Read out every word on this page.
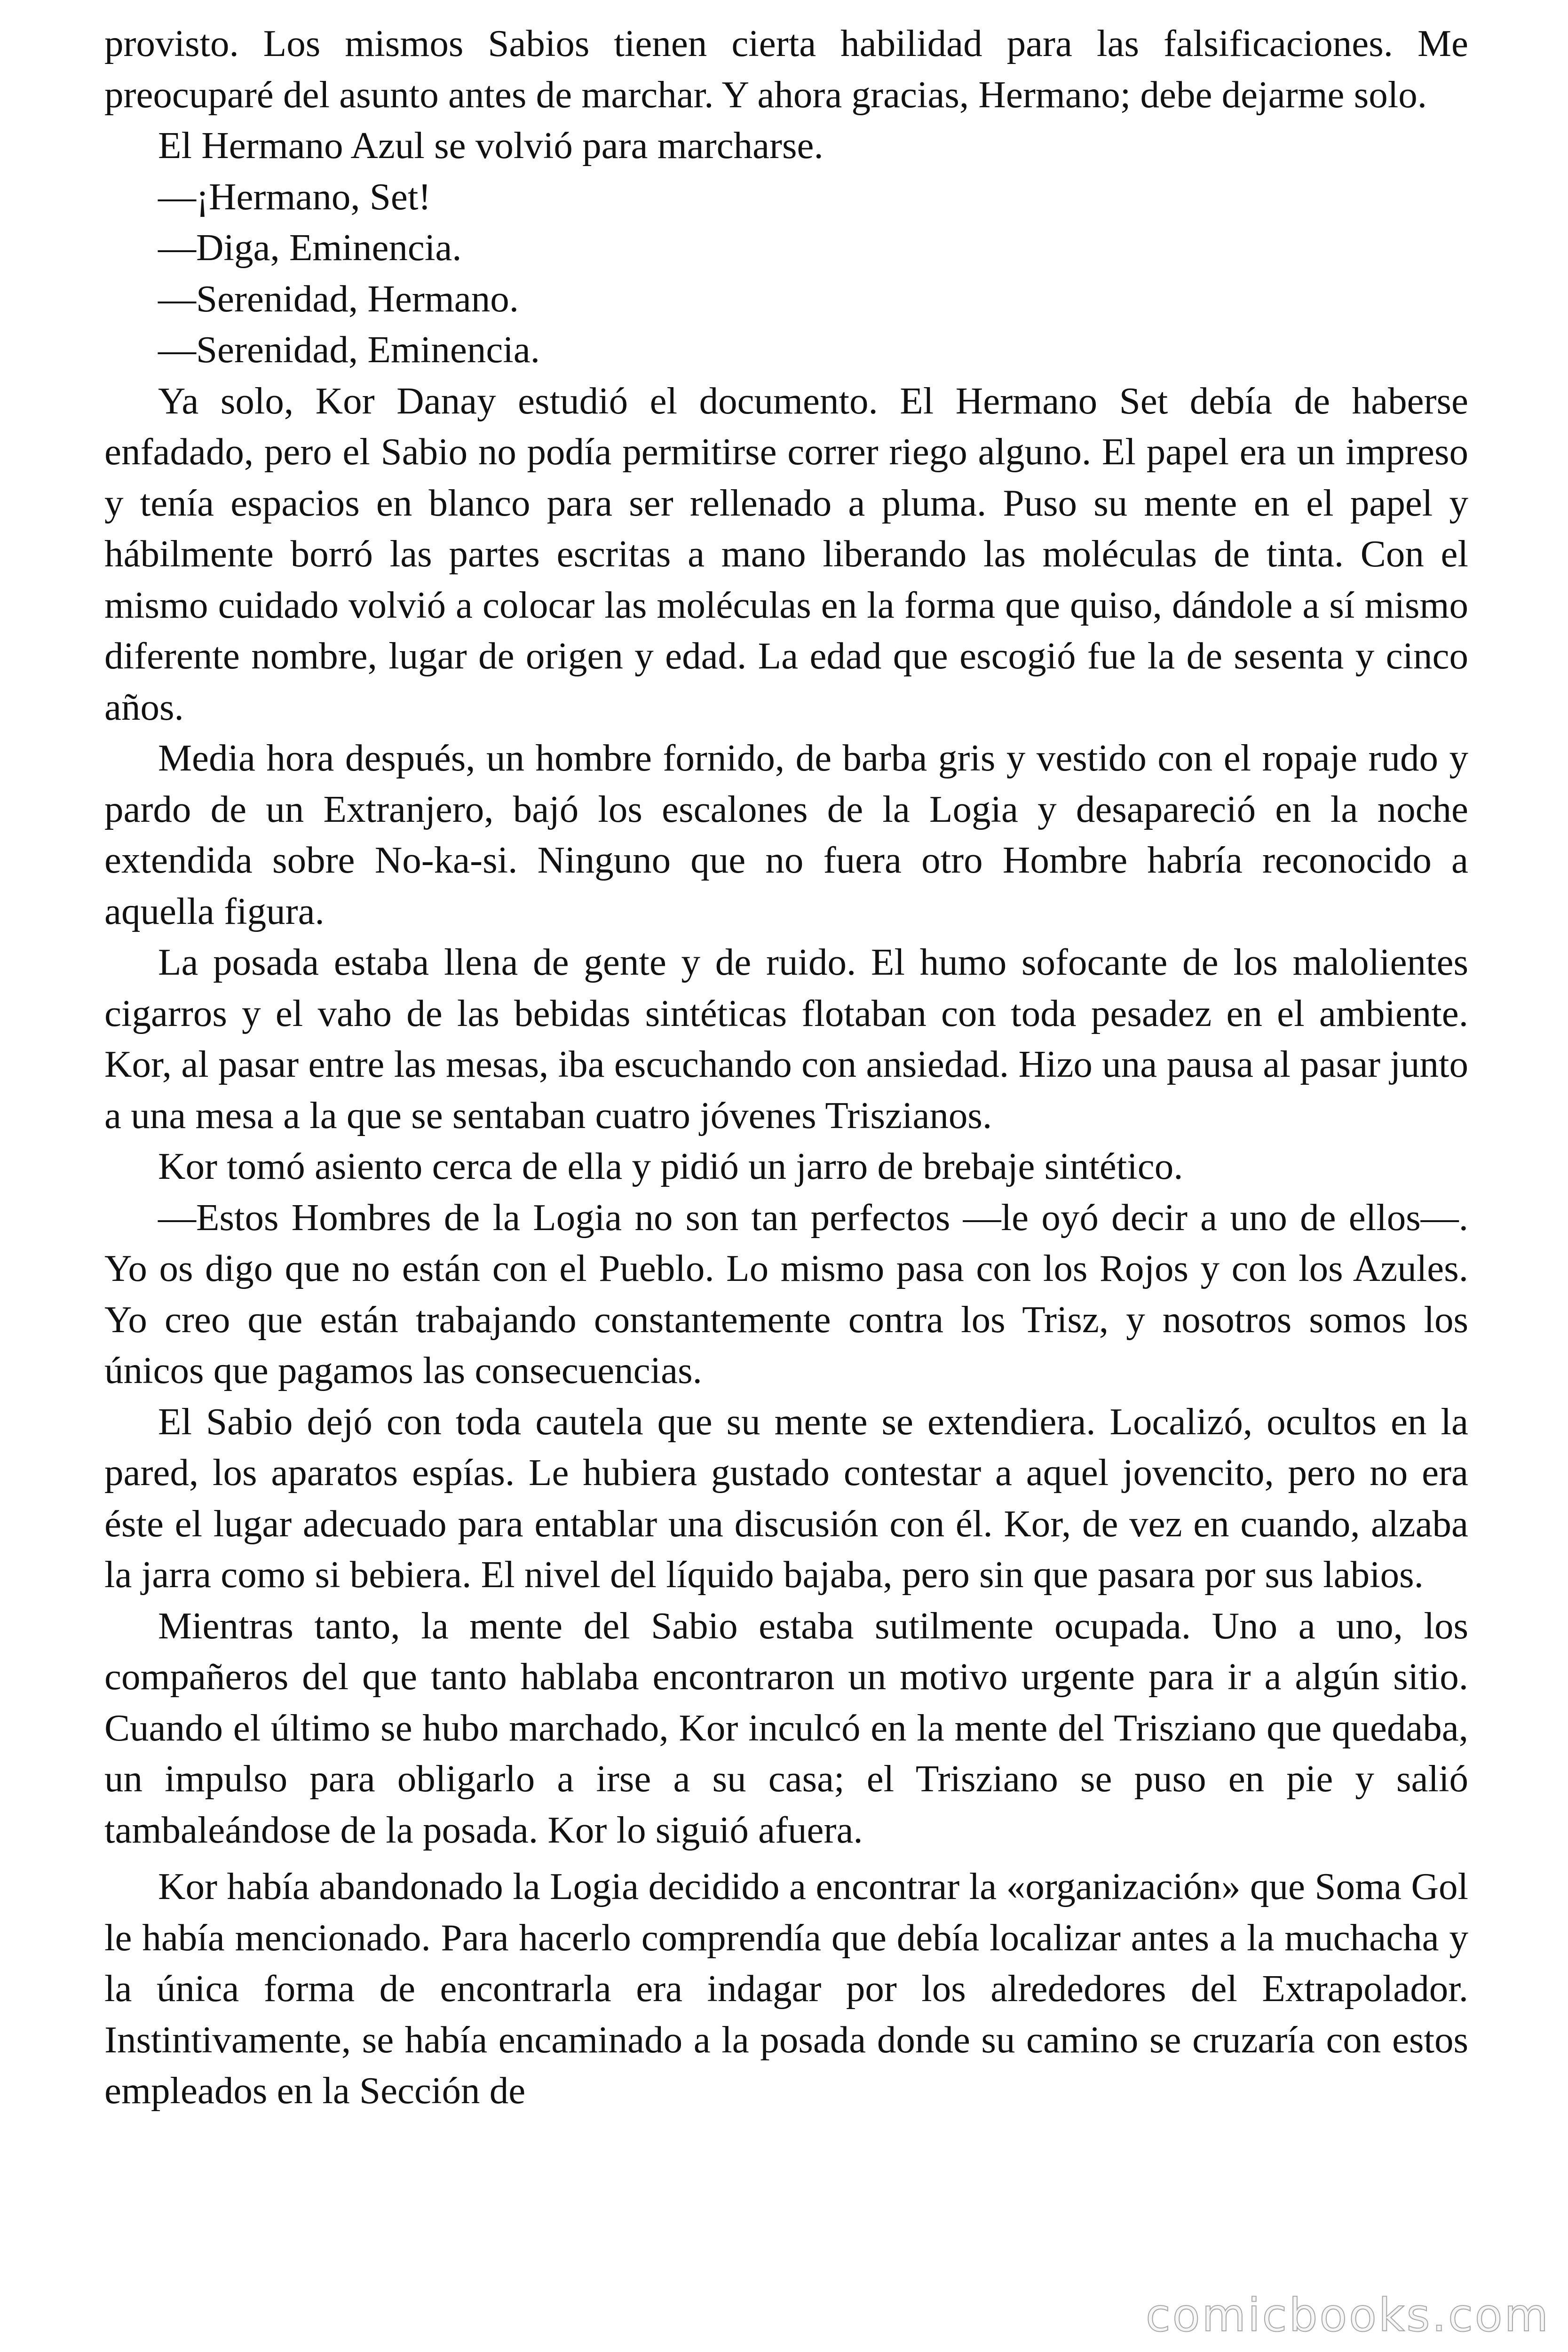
provisto. Los mismos Sabios tienen cierta habilidad para las falsificaciones. Me preocuparé del asunto antes de marchar. Y ahora gracias, Hermano; debe dejarme solo.

El Hermano Azul se volvió para marcharse.

—¡Hermano, Set!

—Diga, Eminencia.

—Serenidad, Hermano.

—Serenidad, Eminencia.

Ya solo, Kor Danay estudió el documento. El Hermano Set debía de haberse enfadado, pero el Sabio no podía permitirse correr riego alguno. El papel era un impreso y tenía espacios en blanco para ser rellenado a pluma. Puso su mente en el papel y hábilmente borró las partes escritas a mano liberando las moléculas de tinta. Con el mismo cuidado volvió a colocar las moléculas en la forma que quiso, dándole a sí mismo diferente nombre, lugar de origen y edad. La edad que escogió fue la de sesenta y cinco años.

Media hora después, un hombre fornido, de barba gris y vestido con el ropaje rudo y pardo de un Extranjero, bajó los escalones de la Logia y desapareció en la noche extendida sobre No-ka-si. Ninguno que no fuera otro Hombre habría reconocido a aquella figura.

La posada estaba llena de gente y de ruido. El humo sofocante de los malolientes cigarros y el vaho de las bebidas sintéticas flotaban con toda pesadez en el ambiente. Kor, al pasar entre las mesas, iba escuchando con ansiedad. Hizo una pausa al pasar junto a una mesa a la que se sentaban cuatro jóvenes Triszianos.

Kor tomó asiento cerca de ella y pidió un jarro de brebaje sintético.

—Estos Hombres de la Logia no son tan perfectos —le oyó decir a uno de ellos—. Yo os digo que no están con el Pueblo. Lo mismo pasa con los Rojos y con los Azules. Yo creo que están trabajando constantemente contra los Trisz, y nosotros somos los únicos que pagamos las consecuencias.

El Sabio dejó con toda cautela que su mente se extendiera. Localizó, ocultos en la pared, los aparatos espías. Le hubiera gustado contestar a aquel jovencito, pero no era éste el lugar adecuado para entablar una discusión con él. Kor, de vez en cuando, alzaba la jarra como si bebiera. El nivel del líquido bajaba, pero sin que pasara por sus labios.

Mientras tanto, la mente del Sabio estaba sutilmente ocupada. Uno a uno, los compañeros del que tanto hablaba encontraron un motivo urgente para ir a algún sitio. Cuando el último se hubo marchado, Kor inculcó en la mente del Trisziano que quedaba, un impulso para obligarlo a irse a su casa; el Trisziano se puso en pie y salió tambaleándose de la posada. Kor lo siguió afuera.

Kor había abandonado la Logia decidido a encontrar la «organización» que Soma Gol le había mencionado. Para hacerlo comprendía que debía localizar antes a la muchacha y la única forma de encontrarla era indagar por los alrededores del Extrapolador. Instintivamente, se había encaminado a la posada donde su camino se cruzaría con estos empleados en la Sección de

comicbooks.com
